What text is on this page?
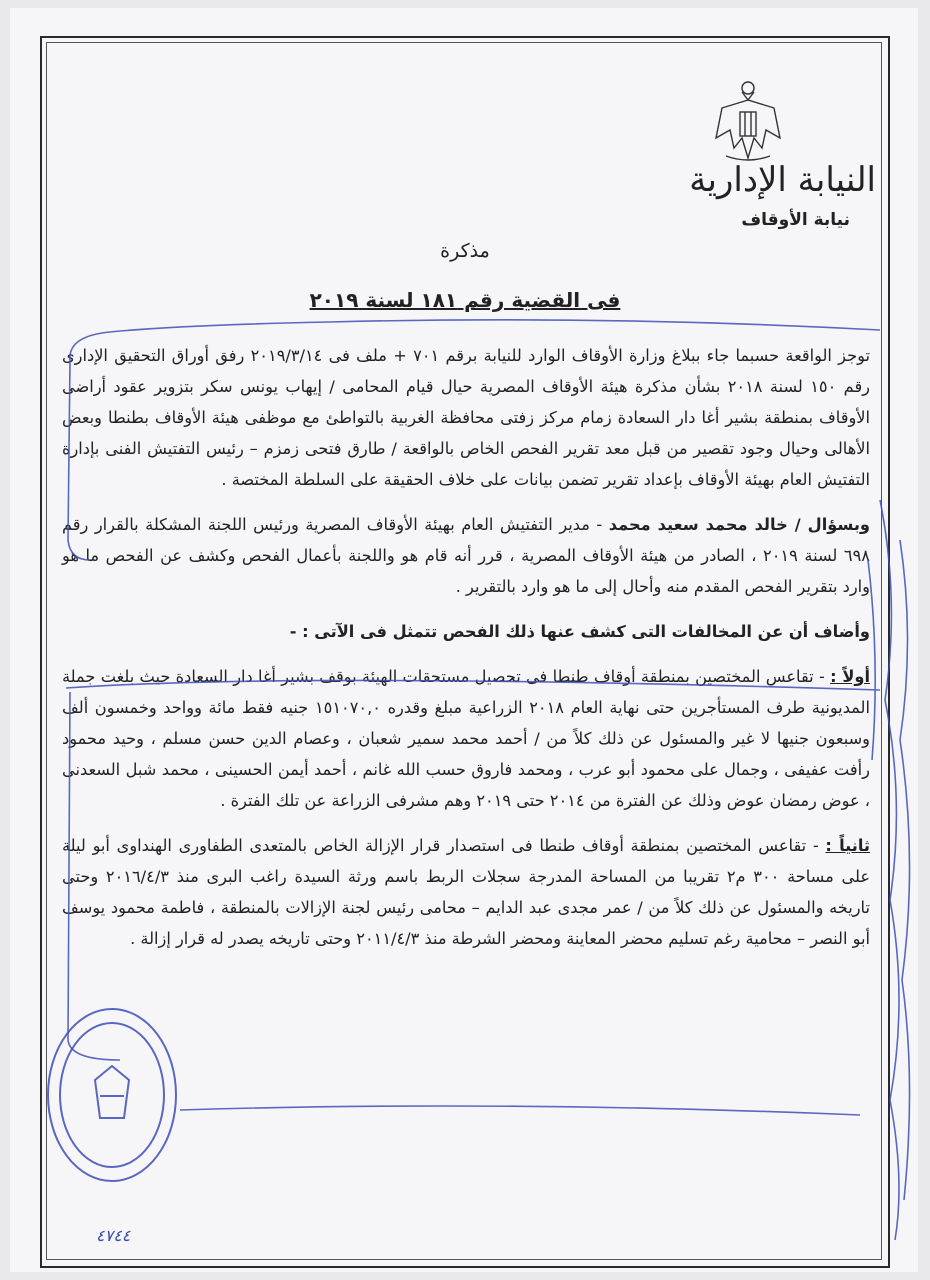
النيابة الإدارية
نيابة الأوقاف
مذكرة
فى القضية رقم ١٨١ لسنة ٢٠١٩

توجز الواقعة حسبما جاء ببلاغ وزارة الأوقاف الوارد للنيابة برقم ٧٠١ + ملف فى ٢٠١٩/٣/١٤ رفق أوراق التحقيق الإدارى رقم ١٥٠ لسنة ٢٠١٨ بشأن مذكرة هيئة الأوقاف المصرية حيال قيام المحامى / إيهاب يونس سكر بتزوير عقود أراضى الأوقاف بمنطقة بشير أغا دار السعادة زمام مركز زفتى محافظة الغربية بالتواطئ مع موظفى هيئة الأوقاف بطنطا وبعض الأهالى وحيال وجود تقصير من قبل معد تقرير الفحص الخاص بالواقعة / طارق فتحى زمزم – رئيس التفتيش الفنى بإدارة التفتيش العام بهيئة الأوقاف بإعداد تقرير تضمن بيانات على خلاف الحقيقة على السلطة المختصة .

وبسؤال / خالد محمد سعيد محمد - مدير التفتيش العام بهيئة الأوقاف المصرية ورئيس اللجنة المشكلة بالقرار رقم ٦٩٨ لسنة ٢٠١٩ ، الصادر من هيئة الأوقاف المصرية ، قرر أنه قام هو واللجنة بأعمال الفحص وكشف عن الفحص ما هو وارد بتقرير الفحص المقدم منه وأحال إلى ما هو وارد بالتقرير .

وأضاف أن عن المخالفات التى كشف عنها ذلك الفحص تتمثل فى الآتى : -

أولاً : - تقاعس المختصين بمنطقة أوقاف طنطا فى تحصيل مستحقات الهيئة بوقف بشير أغا دار السعادة حيث بلغت جملة المديونية طرف المستأجرين حتى نهاية العام ٢٠١٨ الزراعية مبلغ وقدره ١٥١٠٧٠,٠ جنيه فقط مائة وواحد وخمسون ألف وسبعون جنيها لا غير والمسئول عن ذلك كلاً من / أحمد محمد سمير شعبان ، وعصام الدين حسن مسلم ، وحيد محمود رأفت عفيفى ، وجمال على محمود أبو عرب ، ومحمد فاروق حسب الله غانم ، أحمد أيمن الحسينى ، محمد شبل السعدنى ، عوض رمضان عوض وذلك عن الفترة من ٢٠١٤ حتى ٢٠١٩ وهم مشرفى الزراعة عن تلك الفترة .

ثانياً : - تقاعس المختصين بمنطقة أوقاف طنطا فى استصدار قرار الإزالة الخاص بالمتعدى الطفاورى الهنداوى أبو ليلة على مساحة ٣٠٠ م٢ تقريبا من المساحة المدرجة سجلات الربط باسم ورثة السيدة راغب البرى منذ ٢٠١٦/٤/٣ وحتى تاريخه والمسئول عن ذلك كلاً من / عمر مجدى عبد الدايم – محامى رئيس لجنة الإزالات بالمنطقة ، فاطمة محمود يوسف أبو النصر – محامية رغم تسليم محضر المعاينة ومحضر الشرطة منذ ٢٠١١/٤/٣ وحتى تاريخه يصدر له قرار إزالة .

٤٧٤٤
